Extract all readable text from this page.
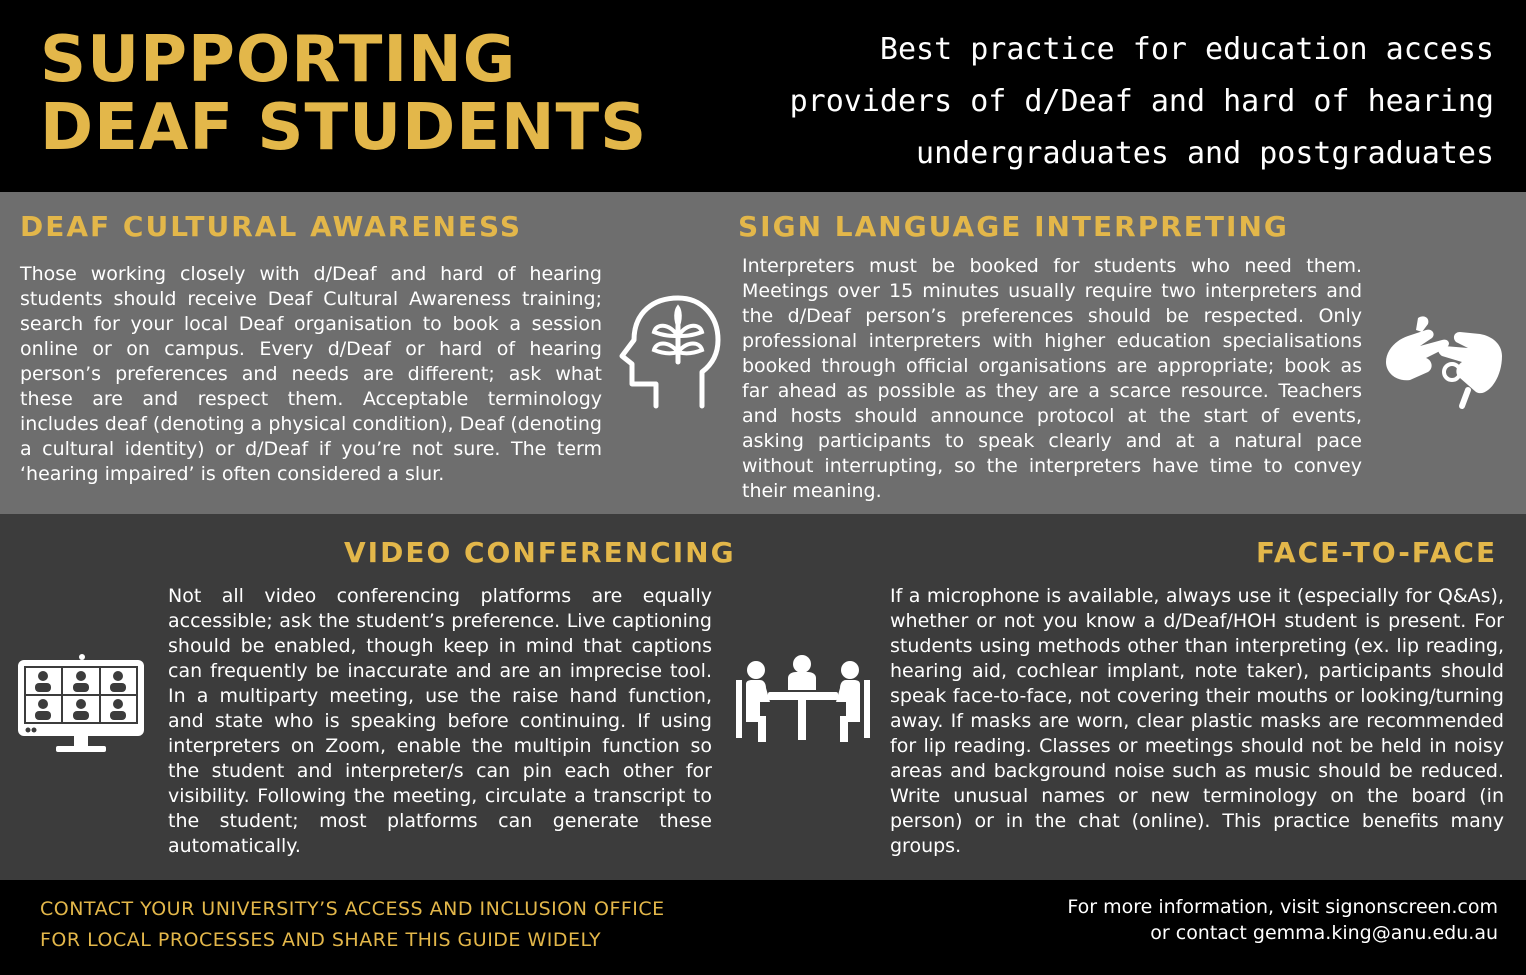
SUPPORTING
DEAF STUDENTS
Best practice for education access
providers of d/Deaf and hard of hearing
undergraduates and postgraduates
DEAF CULTURAL AWARENESS
Those working closely with d/Deaf and hard of hearing students should receive Deaf Cultural Awareness training; search for your local Deaf organisation to book a session online or on campus. Every d/Deaf or hard of hearing person’s preferences and needs are different; ask what these are and respect them. Acceptable terminology includes deaf (denoting a physical condition), Deaf (denoting a cultural identity) or d/Deaf if you’re not sure. The term ‘hearing impaired’ is often considered a slur.
SIGN LANGUAGE INTERPRETING
Interpreters must be booked for students who need them. Meetings over 15 minutes usually require two interpreters and the d/Deaf person’s preferences should be respected. Only professional interpreters with higher education specialisations booked through official organisations are appropriate; book as far ahead as possible as they are a scarce resource. Teachers and hosts should announce protocol at the start of events, asking participants to speak clearly and at a natural pace without interrupting, so the interpreters have time to convey their meaning.
VIDEO CONFERENCING
Not all video conferencing platforms are equally accessible; ask the student’s preference. Live captioning should be enabled, though keep in mind that captions can frequently be inaccurate and are an imprecise tool. In a multiparty meeting, use the raise hand function, and state who is speaking before continuing. If using interpreters on Zoom, enable the multipin function so the student and interpreter/s can pin each other for visibility. Following the meeting, circulate a transcript to the student; most platforms can generate these automatically.
FACE-TO-FACE
If a microphone is available, always use it (especially for Q&As), whether or not you know a d/Deaf/HOH student is present. For students using methods other than interpreting (ex. lip reading, hearing aid, cochlear implant, note taker), participants should speak face-to-face, not covering their mouths or looking/turning away. If masks are worn, clear plastic masks are recommended for lip reading. Classes or meetings should not be held in noisy areas and background noise such as music should be reduced. Write unusual names or new terminology on the board (in person) or in the chat (online). This practice benefits many groups.
CONTACT YOUR UNIVERSITY’S ACCESS AND INCLUSION OFFICE
FOR LOCAL PROCESSES AND SHARE THIS GUIDE WIDELY
For more information, visit signonscreen.com
or contact gemma.king@anu.edu.au
